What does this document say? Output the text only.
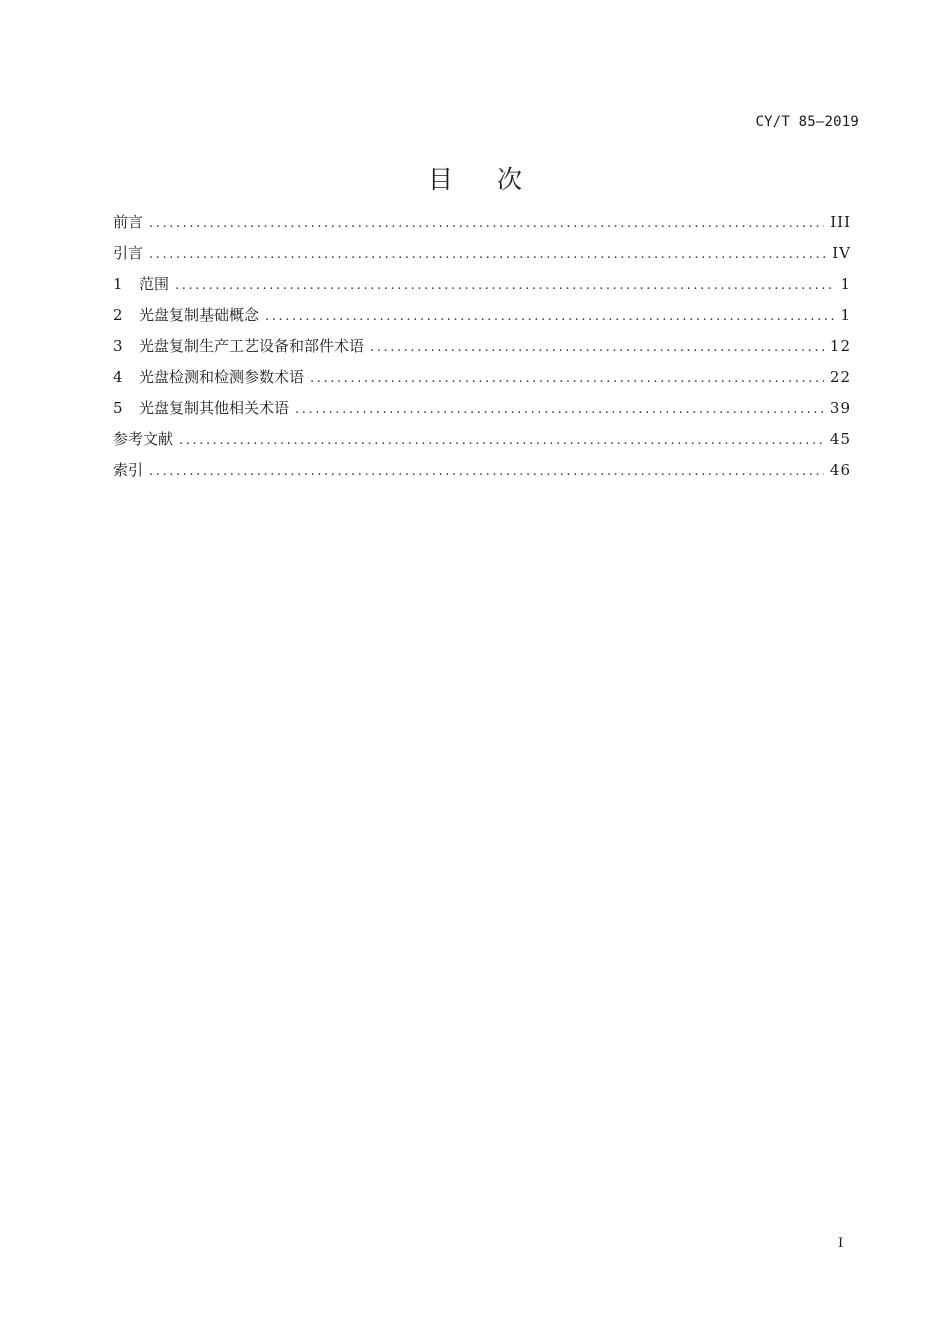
CY/T 85—2019
目次
前言 .....	III
引言 .....	IV
1	范围 .....	1
2	光盘复制基础概念 .....	1
3	光盘复制生产工艺设备和部件术语 .....	12
4	光盘检测和检测参数术语 .....	22
5	光盘复制其他相关术语 .....	39
参考文献 .....	45
索引 .....	46
I
